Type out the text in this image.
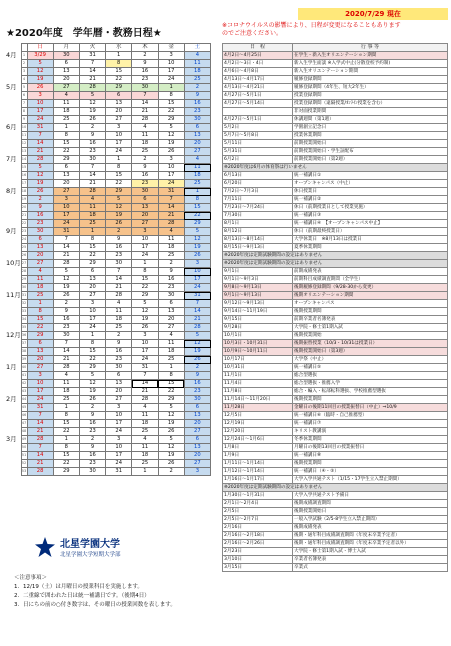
2020/7/29 現在
★2020年度　学年暦・教務日程★
※コロナウイルスの影響により、日程が変更になることもあります
のでご注意ください。
		日	月	火	水	木	金	土
4月	1	3/29	30	31	1	2	3	4
	2	5	6	7	8	9	10	11
	3	12	13	14	15	16	17	18
	4	19	20	21	22	23	24	25
5月	5	26	27	28	29	30	1	2
	6	3	4	5	6	7	8	9
	7	10	11	12	13	14	15	16
	8	17	18	19	20	21	22	23
	9	24	25	26	27	28	29	30
6月	10	31	1	2	3	4	5	6
	11	7	8	9	10	11	12	13
	12	14	15	16	17	18	19	20
	13	21	22	23	24	25	26	27
7月	14	28	29	30	1	2	3	4
	15	5	6	7	8	9	10	11
	16	12	13	14	15	16	17	18
	17	19	20	21	22	23	24	25
8月	18	26	27	28	29	30	31	1
	19	2	3	4	5	6	7	8
	20	9	10	11	12	13	14	15
	21	16	17	18	19	20	21	22
	22	23	24	25	26	27	28	29
9月	23	30	31	1	2	3	4	5
	24	6	7	8	9	10	11	12
	25	13	14	15	16	17	18	19
	26	20	21	22	23	24	25	26
10月	27	27	28	29	30	1	2	3
	28	4	5	6	7	8	9	10
	29	11	12	13	14	15	16	17
	30	18	19	20	21	22	23	24
11月	31	25	26	27	28	29	30	31
	32	1	2	3	4	5	6	7
	33	8	9	10	11	12	13	14
	34	15	16	17	18	19	20	21
	35	22	23	24	25	26	27	28
12月	36	29	30	1	2	3	4	5
	37	6	7	8	9	10	11	12
	38	13	14	15	16	17	18	19
	39	20	21	22	23	24	25	26
1月	40	27	28	29	30	31	1	2
	41	3	4	5	6	7	8	9
	42	10	11	12	13	14	15	16
	43	17	18	19	20	21	22	23
2月	44	24	25	26	27	28	29	30
	45	31	1	2	3	4	5	6
	46	7	8	9	10	11	12	13
	47	14	15	16	17	18	19	20
	48	21	22	23	24	25	26	27
3月	49	28	1	2	3	4	5	6
	50	7	8	9	10	11	12	13
	51	14	15	16	17	18	19	20
	52	21	22	23	24	25	26	27
	53	28	29	30	31	1	2	3
日　程	行 事 等
4月2日～4月25日	在学生・新入生オリエンテーション期間
4月2日～3日・4日	新入生学生面談 ※入学式中止(分散登校予約制)
4月6日～4月8日	新入生オリエンテーション期間
4月13日～4月17日	履修登録期間
4月13日～4月21日	履修登録期間（4年生、短大2年生）
4月27日～5月1日	授業登録期間
4月27日～5月14日	授業登録期間（遠隔授業/ｵﾝﾗｲﾝ授業を含む）
	非対面授業期間
4月27日～5月1日	休講週間（第1週）
5月2日	学園創立記念日
5月7日～5月8日	授業休業期間
5月11日	前期授業開始日
5月31日	前期授業開始日・学生証配布
6月2日	前期授業開始日（第2週）
※2020年度は6月の体育祭は行いません	
6月13日	統一補講日①
6月20日	オープンキャンパス（中止）
7月2日～7月3日	休日授業日
7月11日	統一補講日②
7月23日～7月24日	休日（前期授業日として授業実施）
7月30日	統一補講日③
8月1日	統一補講日④　【オープンキャンパス中止】
8月12日	休日（前期最終授業日）
8月13日～8月14日	大学休業日　※8月13日は授業日
8月15日～9月13日	夏季休業期間
※2020年度は定期試験期間の設定はありません	
※2020年度は定期試験期間の設定はありません	
9月1日	前期成績発表
9月1日～9月3日	前期科目成績調査期間（全学生）
9月8日～9月13日	後期履修登録期間（9/28-30から変更）
9月1日～9月13日	後期オリエンテーション期間
9月12日～9月13日	オープンキャンパス
9月14日～11月19日	後期授業期間
9月15日	前期卒業者名簿発表
9月28日	大学院・修士第1期入試
10月1日	後期授業開始
10月3日・10月31日	後期振替授業（10/3・10/31は授業日）
10月9日～10月11日	後期授業開始日（第3週）
10月17日	大学祭（中止）
10月31日	統一補講日⑤
11月1日	総合型選抜
11月4日	総合型選抜・推薦入学
11月8日	総合・編入・転部転科選抜、学校推薦型選抜
11月14日～11月20日	後期授業期間
11月28日	金曜日の後期11回目の授業振替日（中止）⇒10/9
12月5日	統一補講日⑥（臨時・自己推薦型）
12月19日	統一補講日⑦
12月20日	キリスト教講演
12月24日～1月6日	冬季休業期間
1月8日	月曜日の後期13回目の授業振替日
1月9日	統一補講日⑧
1月11日～1月14日	後期授業期間
1月12日～1月14日	統一補講日（④・⑤）
1月16日～1月17日	大学入学共通テスト（1/15・17学生立入禁止期間）
※2020年度は定期試験期間の設定はありません	
1月30日～1月31日	大学入学共通テスト予備日
2月1日～2月4日	後期成績調査期間
2月5日	後期授業開始日
2月5日～2月7日	一般入学試験（2/5-8学生立入禁止期間）
2月16日	後期成績発表
2月16日～2月18日	後期・通年科目成績調査期間（年度末卒業予定者）
2月16日～2月26日	後期・通年科目成績調査期間（年度末卒業予定者以外）
2月23日	大学院・修士第1期入試・博士入試
3月10日	卒業者名簿発表
3月15日	卒業式
北星学園大学
北星学園大学短期大学部
＜注意事項＞
1．12/19（土）は月曜日の授業科目を実施します。
2．二重線で囲われた日は統一補講日です。（後期4日）
3．日にちの前の○付き数字は、その曜日の授業回数を表します。
